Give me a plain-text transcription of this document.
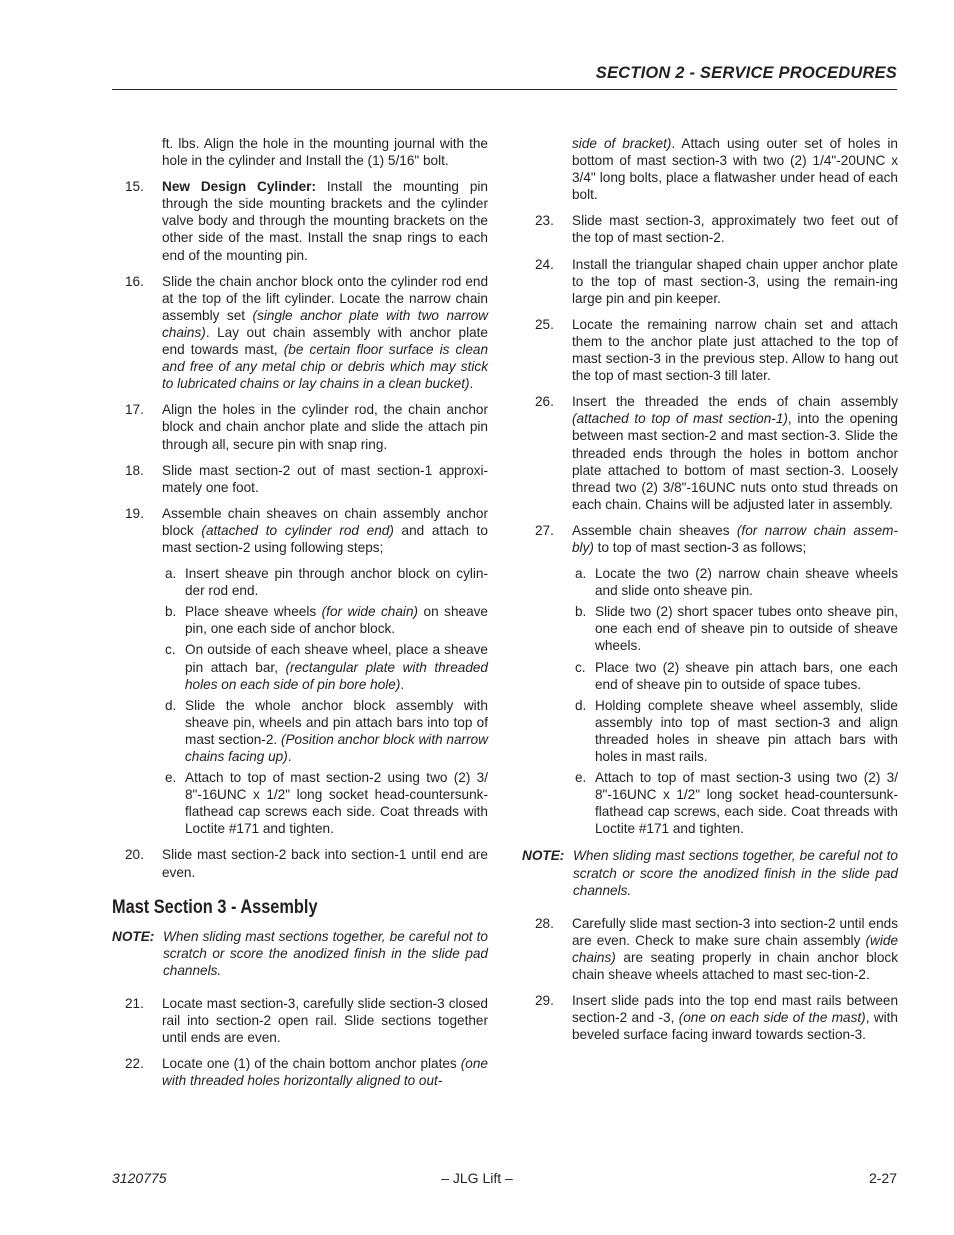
SECTION 2 - SERVICE PROCEDURES
ft. lbs. Align the hole in the mounting journal with the hole in the cylinder and Install the (1) 5/16" bolt.
15. New Design Cylinder: Install the mounting pin through the side mounting brackets and the cylinder valve body and through the mounting brackets on the other side of the mast. Install the snap rings to each end of the mounting pin.
16. Slide the chain anchor block onto the cylinder rod end at the top of the lift cylinder. Locate the narrow chain assembly set (single anchor plate with two narrow chains). Lay out chain assembly with anchor plate end towards mast, (be certain floor surface is clean and free of any metal chip or debris which may stick to lubricated chains or lay chains in a clean bucket).
17. Align the holes in the cylinder rod, the chain anchor block and chain anchor plate and slide the attach pin through all, secure pin with snap ring.
18. Slide mast section-2 out of mast section-1 approxi-mately one foot.
19. Assemble chain sheaves on chain assembly anchor block (attached to cylinder rod end) and attach to mast section-2 using following steps;
a. Insert sheave pin through anchor block on cylin-der rod end.
b. Place sheave wheels (for wide chain) on sheave pin, one each side of anchor block.
c. On outside of each sheave wheel, place a sheave pin attach bar, (rectangular plate with threaded holes on each side of pin bore hole).
d. Slide the whole anchor block assembly with sheave pin, wheels and pin attach bars into top of mast section-2. (Position anchor block with narrow chains facing up).
e. Attach to top of mast section-2 using two (2) 3/ 8"-16UNC x 1/2" long socket head-countersunk-flathead cap screws each side. Coat threads with Loctite #171 and tighten.
20. Slide mast section-2 back into section-1 until end are even.
Mast Section 3 - Assembly
NOTE: When sliding mast sections together, be careful not to scratch or score the anodized finish in the slide pad channels.
21. Locate mast section-3, carefully slide section-3 closed rail into section-2 open rail. Slide sections together until ends are even.
22. Locate one (1) of the chain bottom anchor plates (one with threaded holes horizontally aligned to out-
side of bracket). Attach using outer set of holes in bottom of mast section-3 with two (2) 1/4"-20UNC x 3/4" long bolts, place a flatwasher under head of each bolt.
23. Slide mast section-3, approximately two feet out of the top of mast section-2.
24. Install the triangular shaped chain upper anchor plate to the top of mast section-3, using the remain-ing large pin and pin keeper.
25. Locate the remaining narrow chain set and attach them to the anchor plate just attached to the top of mast section-3 in the previous step. Allow to hang out the top of mast section-3 till later.
26. Insert the threaded the ends of chain assembly (attached to top of mast section-1), into the opening between mast section-2 and mast section-3. Slide the threaded ends through the holes in bottom anchor plate attached to bottom of mast section-3. Loosely thread two (2) 3/8"-16UNC nuts onto stud threads on each chain. Chains will be adjusted later in assembly.
27. Assemble chain sheaves (for narrow chain assem-bly) to top of mast section-3 as follows;
a. Locate the two (2) narrow chain sheave wheels and slide onto sheave pin.
b. Slide two (2) short spacer tubes onto sheave pin, one each end of sheave pin to outside of sheave wheels.
c. Place two (2) sheave pin attach bars, one each end of sheave pin to outside of space tubes.
d. Holding complete sheave wheel assembly, slide assembly into top of mast section-3 and align threaded holes in sheave pin attach bars with holes in mast rails.
e. Attach to top of mast section-3 using two (2) 3/ 8"-16UNC x 1/2" long socket head-countersunk-flathead cap screws, each side. Coat threads with Loctite #171 and tighten.
NOTE: When sliding mast sections together, be careful not to scratch or score the anodized finish in the slide pad channels.
28. Carefully slide mast section-3 into section-2 until ends are even. Check to make sure chain assembly (wide chains) are seating properly in chain anchor block chain sheave wheels attached to mast sec-tion-2.
29. Insert slide pads into the top end mast rails between section-2 and -3, (one on each side of the mast), with beveled surface facing inward towards section-3.
3120775	– JLG Lift –	2-27
